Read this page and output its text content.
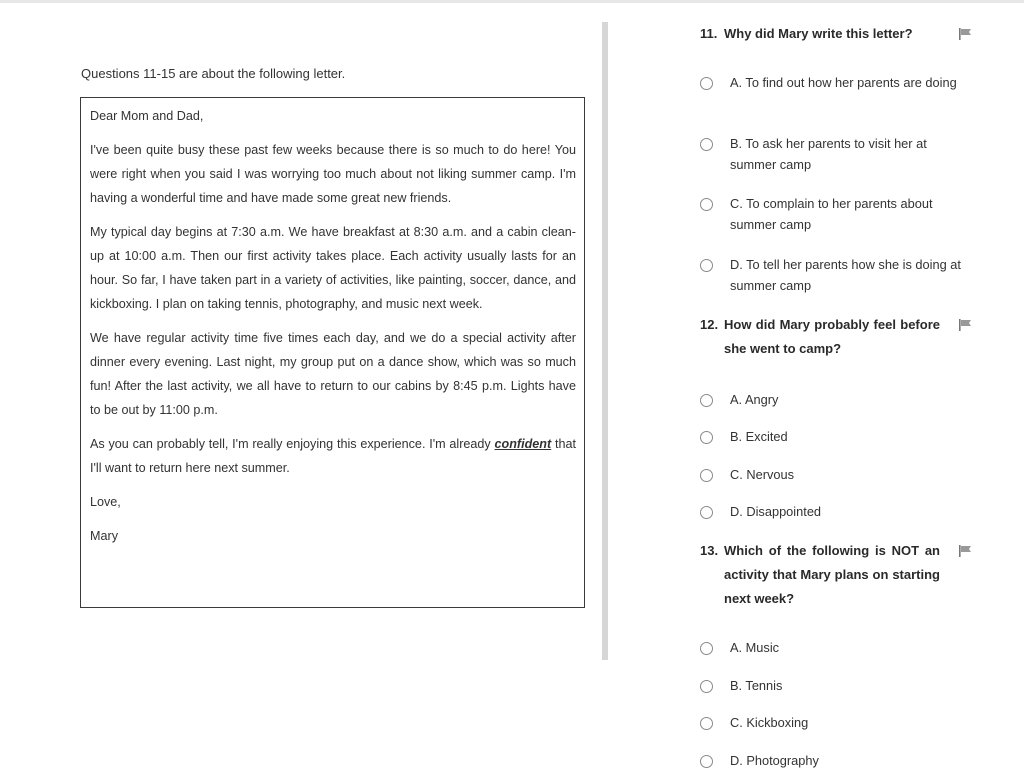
Questions 11-15 are about the following letter.

Dear Mom and Dad,

I've been quite busy these past few weeks because there is so much to do here! You were right when you said I was worrying too much about not liking summer camp. I'm having a wonderful time and have made some great new friends.

My typical day begins at 7:30 a.m. We have breakfast at 8:30 a.m. and a cabin clean-up at 10:00 a.m. Then our first activity takes place. Each activity usually lasts for an hour. So far, I have taken part in a variety of activities, like painting, soccer, dance, and kickboxing. I plan on taking tennis, photography, and music next week.

We have regular activity time five times each day, and we do a special activity after dinner every evening. Last night, my group put on a dance show, which was so much fun! After the last activity, we all have to return to our cabins by 8:45 p.m. Lights have to be out by 11:00 p.m.

As you can probably tell, I'm really enjoying this experience. I'm already confident that I'll want to return here next summer.

Love,

Mary

11. Why did Mary write this letter?
A. To find out how her parents are doing
B. To ask her parents to visit her at summer camp
C. To complain to her parents about summer camp
D. To tell her parents how she is doing at summer camp
12. How did Mary probably feel before she went to camp?
A. Angry
B. Excited
C. Nervous
D. Disappointed
13. Which of the following is NOT an activity that Mary plans on starting next week?
A. Music
B. Tennis
C. Kickboxing
D. Photography
